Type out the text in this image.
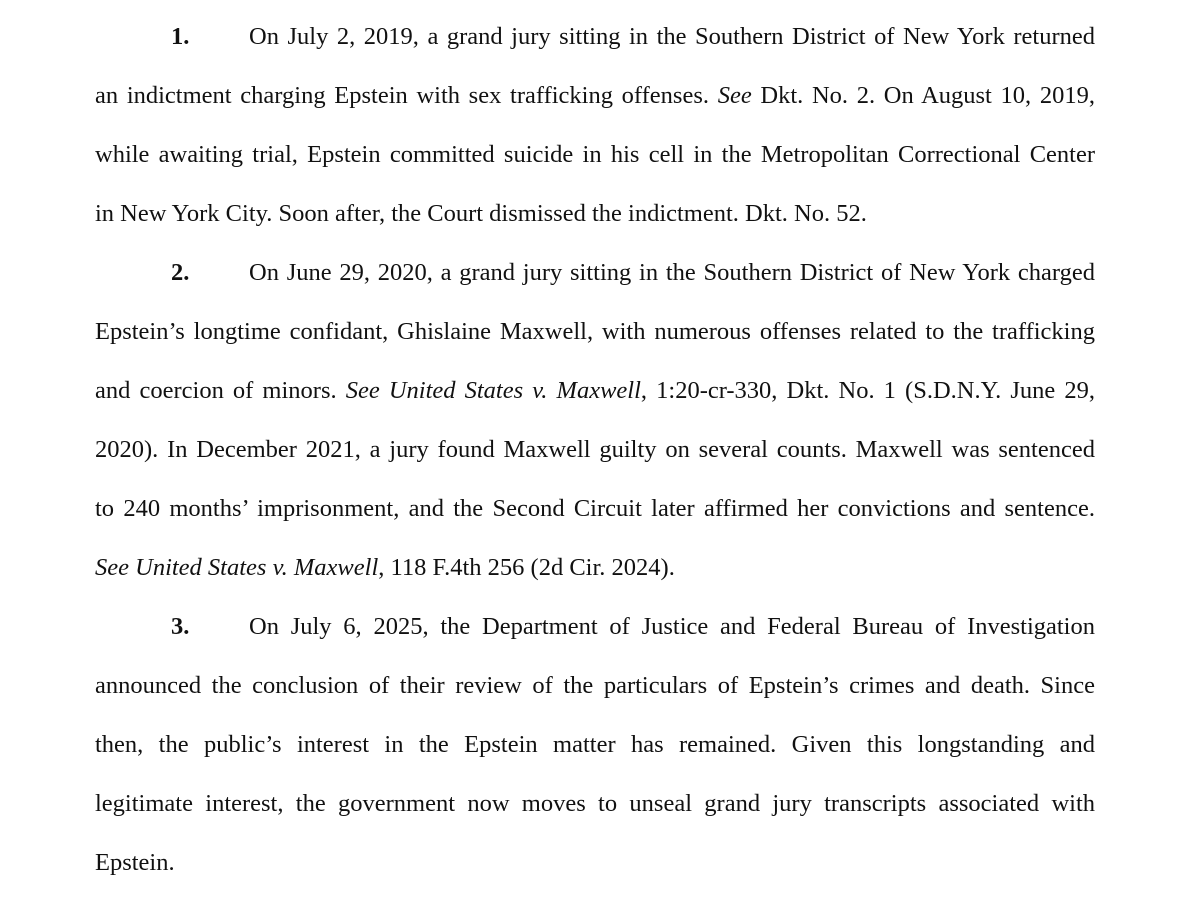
1. On July 2, 2019, a grand jury sitting in the Southern District of New York returned
an indictment charging Epstein with sex trafficking offenses. See Dkt. No. 2. On August 10, 2019,
while awaiting trial, Epstein committed suicide in his cell in the Metropolitan Correctional Center
in New York City. Soon after, the Court dismissed the indictment. Dkt. No. 52.
2. On June 29, 2020, a grand jury sitting in the Southern District of New York charged
Epstein’s longtime confidant, Ghislaine Maxwell, with numerous offenses related to the trafficking
and coercion of minors. See United States v. Maxwell, 1:20-cr-330, Dkt. No. 1 (S.D.N.Y. June 29,
2020). In December 2021, a jury found Maxwell guilty on several counts. Maxwell was sentenced
to 240 months’ imprisonment, and the Second Circuit later affirmed her convictions and sentence.
See United States v. Maxwell, 118 F.4th 256 (2d Cir. 2024).
3. On July 6, 2025, the Department of Justice and Federal Bureau of Investigation
announced the conclusion of their review of the particulars of Epstein’s crimes and death. Since
then, the public’s interest in the Epstein matter has remained. Given this longstanding and
legitimate interest, the government now moves to unseal grand jury transcripts associated with
Epstein.
